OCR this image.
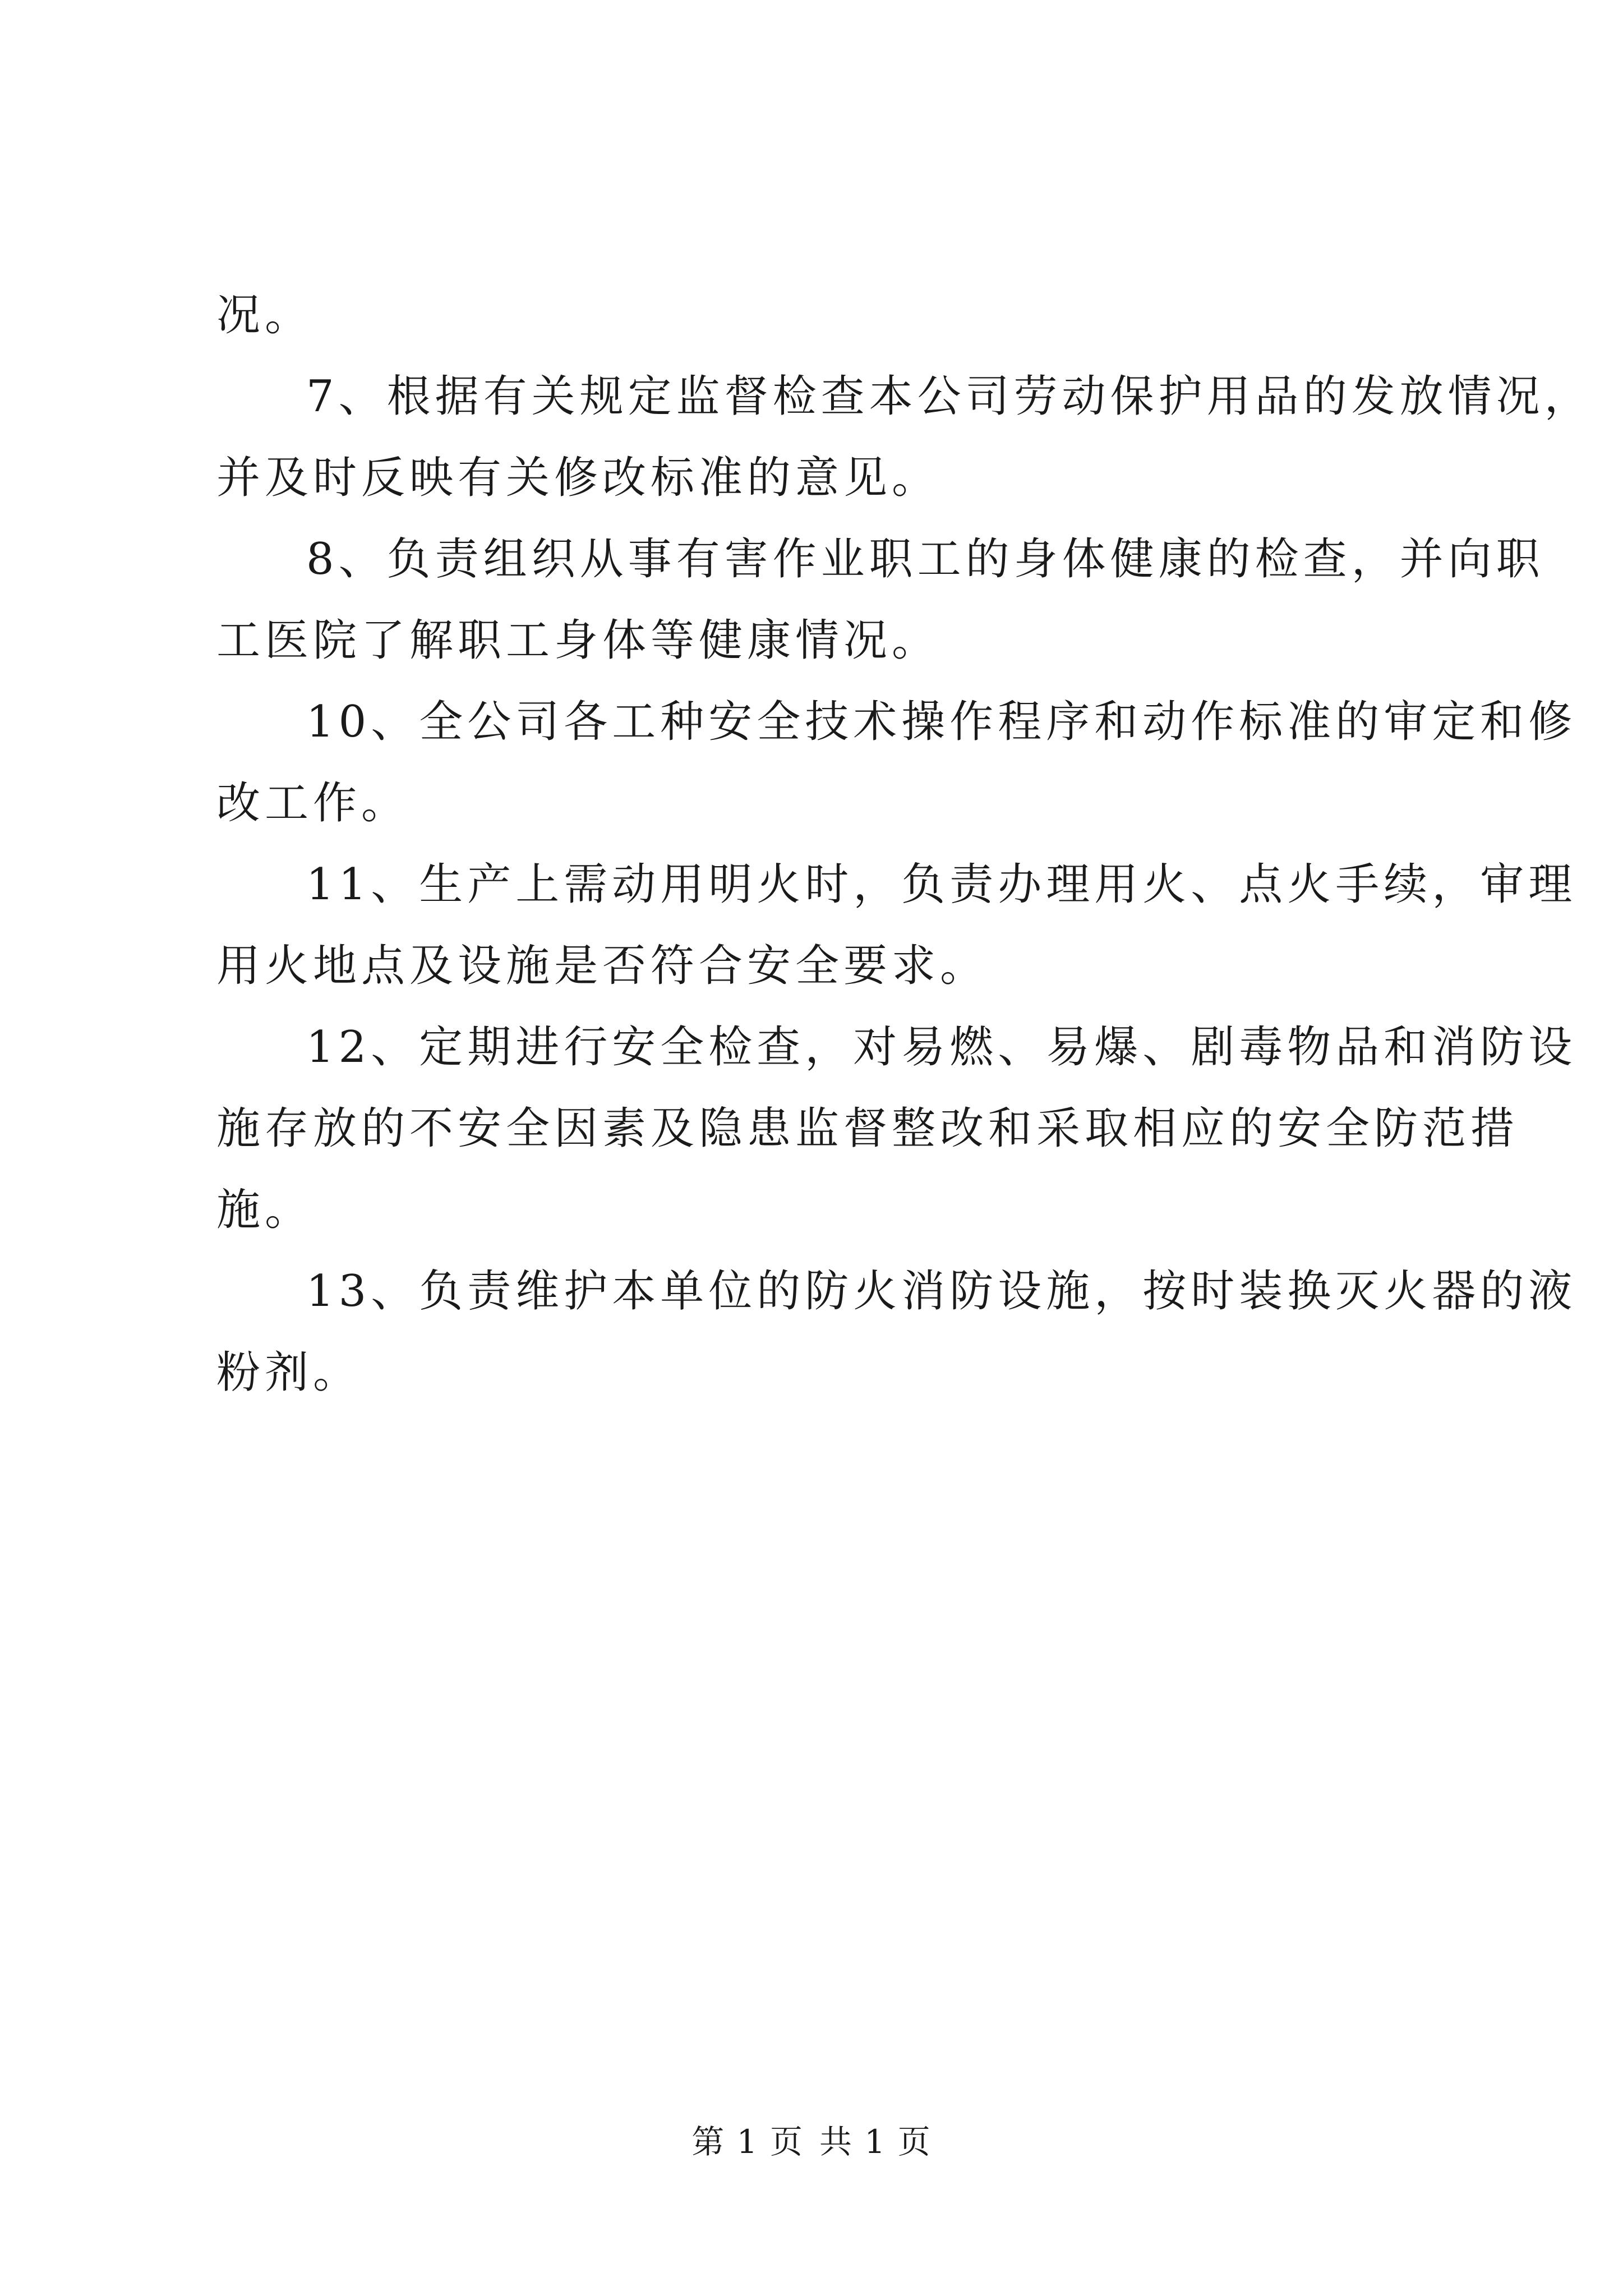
况。
7、根据有关规定监督检查本公司劳动保护用品的发放情况，
并及时反映有关修改标准的意见。
8、负责组织从事有害作业职工的身体健康的检查，并向职
工医院了解职工身体等健康情况。
10、全公司各工种安全技术操作程序和动作标准的审定和修
改工作。
11、生产上需动用明火时，负责办理用火、点火手续，审理
用火地点及设施是否符合安全要求。
12、定期进行安全检查，对易燃、易爆、剧毒物品和消防设
施存放的不安全因素及隐患监督整改和采取相应的安全防范措
施。
13、负责维护本单位的防火消防设施，按时装换灭火器的液
粉剂。
第 1 页 共 1 页
